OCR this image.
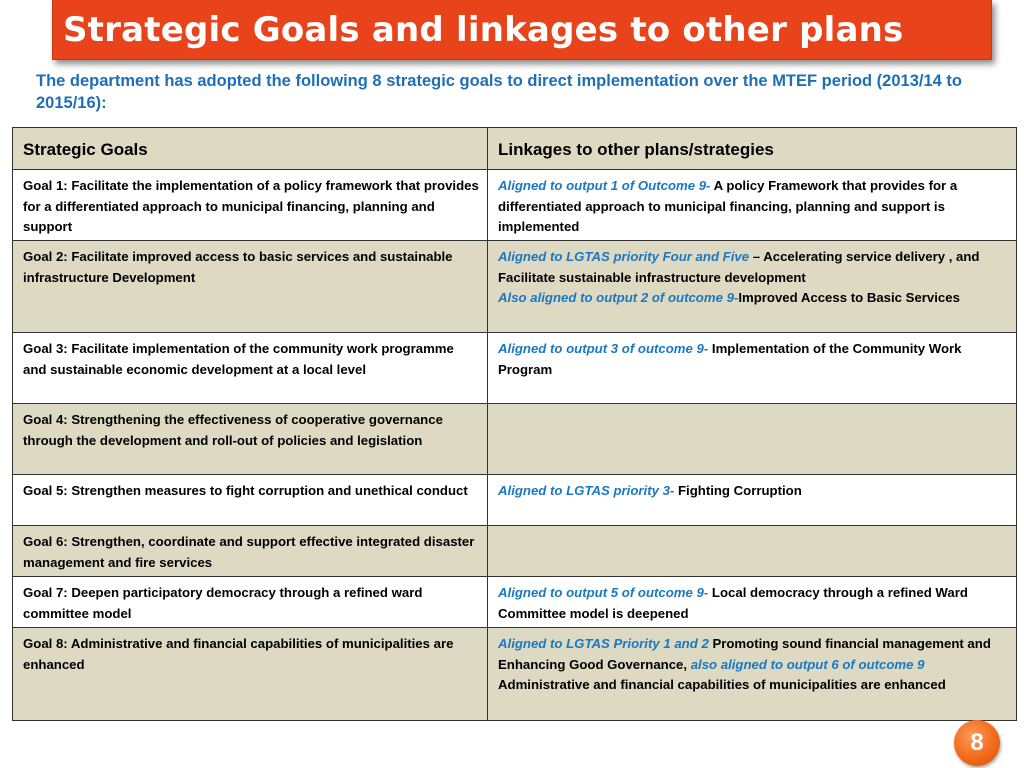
Strategic Goals and linkages to other plans
The department has adopted the following 8 strategic goals to direct implementation over the MTEF period (2013/14 to 2015/16):
Strategic Goals	Linkages to other plans/strategies
Goal 1: Facilitate the implementation of a policy framework that provides for a differentiated approach to municipal financing, planning and support	Aligned to output 1 of Outcome 9- A policy Framework that provides for a differentiated approach to municipal financing, planning and support is implemented
Goal 2: Facilitate improved access to basic services and sustainable infrastructure Development	Aligned to LGTAS priority Four and Five – Accelerating service delivery , and Facilitate sustainable infrastructure development
Also aligned to output 2 of outcome 9-Improved Access to Basic Services

Goal 3: Facilitate implementation of the community work programme and sustainable economic development at a local level	Aligned to output 3 of outcome 9- Implementation of the Community Work Program
Goal 4: Strengthening the effectiveness of cooperative governance through the development and roll-out of policies and legislation	
Goal 5: Strengthen measures to fight corruption and unethical conduct	Aligned to LGTAS priority 3- Fighting Corruption
Goal 6: Strengthen, coordinate and support effective integrated disaster management and fire services	
Goal 7: Deepen participatory democracy through a refined ward committee model	Aligned to output 5 of outcome 9- Local democracy through a refined Ward Committee model is deepened
Goal 8: Administrative and financial capabilities of municipalities are enhanced	Aligned to LGTAS Priority 1 and 2 Promoting sound financial management and Enhancing Good Governance, also aligned to output 6 of outcome 9
Administrative and financial capabilities of municipalities are enhanced
8
